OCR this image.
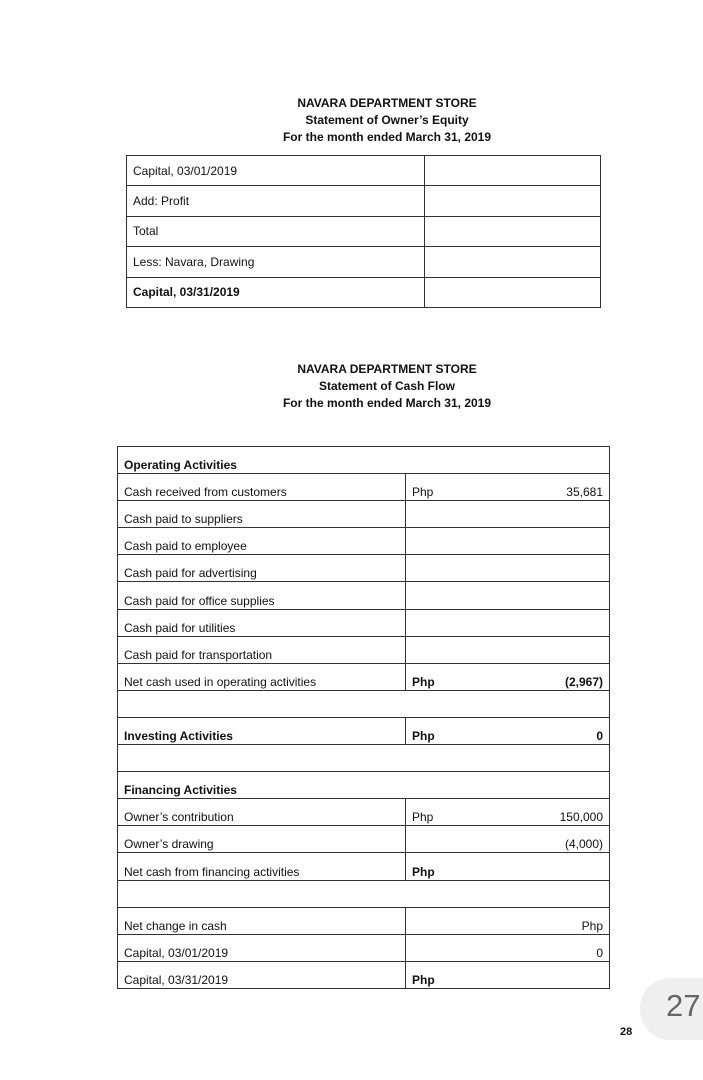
NAVARA DEPARTMENT STORE
Statement of Owner’s Equity
For the month ended March 31, 2019
Capital, 03/01/2019	
Add: Profit	
Total	
Less: Navara, Drawing	
Capital, 03/31/2019	
NAVARA DEPARTMENT STORE
Statement of Cash Flow
For the month ended March 31, 2019
Operating Activities	
Cash received from customers	Php 35,681

Cash paid to suppliers	
Cash paid to employee	
Cash paid for advertising	
Cash paid for office supplies	
Cash paid for utilities	
Cash paid for transportation	
Net cash used in operating activities	Php (2,967)

Investing Activities	Php 0

Financing Activities	
Owner’s contribution	Php 150,000

Owner’s drawing	(4,000)

Net cash from financing activities	Php

Net change in cash	Php
Capital, 03/01/2019	0
Capital, 03/31/2019	Php
27
28
